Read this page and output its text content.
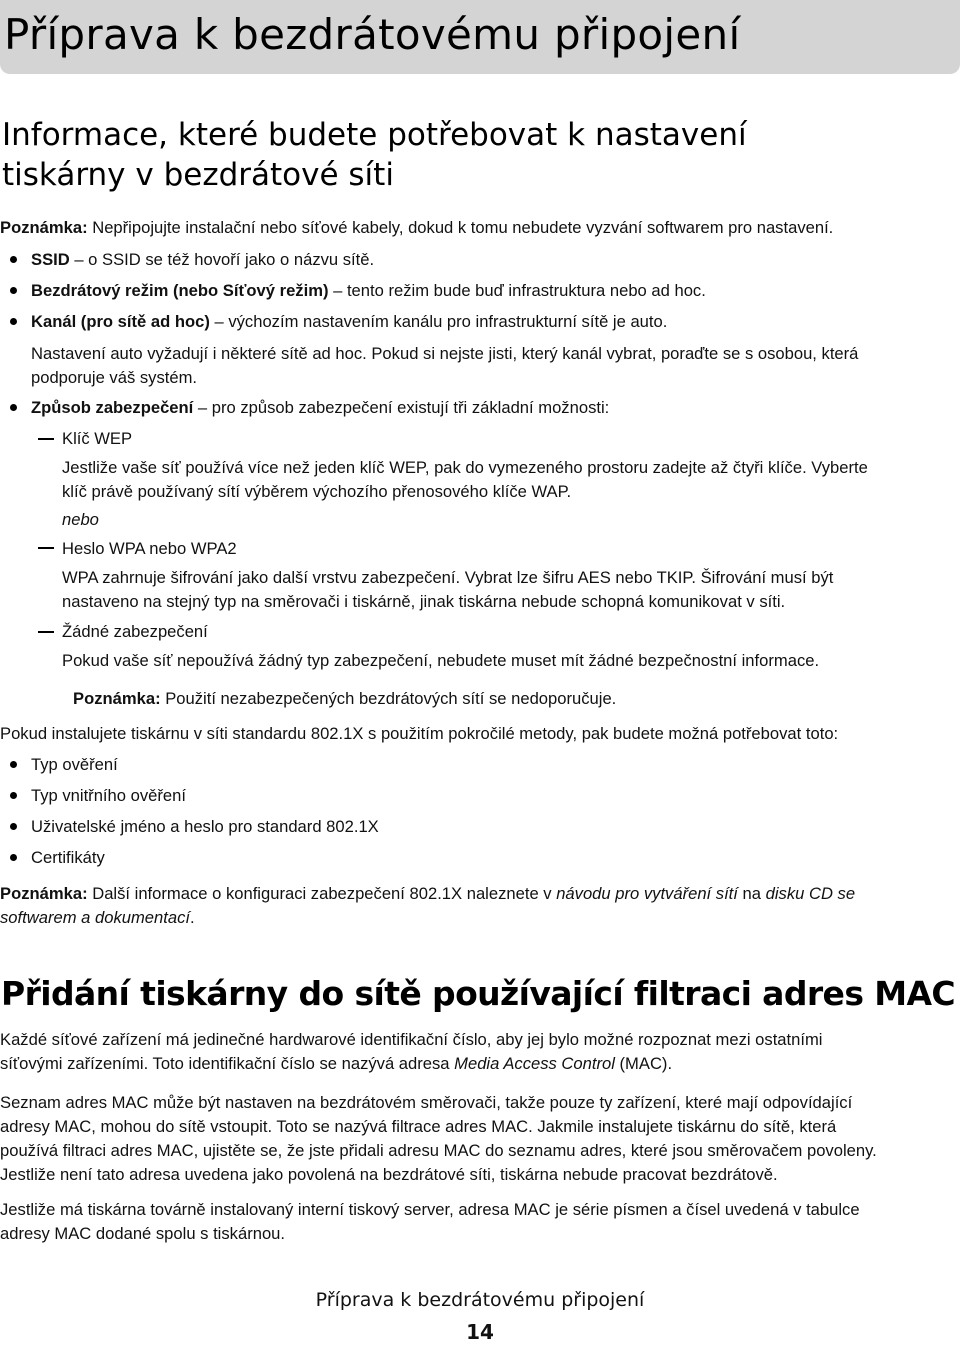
Příprava k bezdrátovému připojení
Informace, které budete potřebovat k nastavení
tiskárny v bezdrátové síti

Poznámka: Nepřipojujte instalační nebo síťové kabely, dokud k tomu nebudete vyzvání softwarem pro nastavení.

SSID – o SSID se též hovoří jako o názvu sítě.

Bezdrátový režim (nebo Síťový režim) – tento režim bude buď infrastruktura nebo ad hoc.

Kanál (pro sítě ad hoc) – výchozím nastavením kanálu pro infrastrukturní sítě je auto.

Nastavení auto vyžadují i některé sítě ad hoc. Pokud si nejste jisti, který kanál vybrat, poraďte se s osobou, která

podporuje váš systém.

Způsob zabezpečení – pro způsob zabezpečení existují tři základní možnosti:

Klíč WEP

Jestliže vaše síť používá více než jeden klíč WEP, pak do vymezeného prostoru zadejte až čtyři klíče. Vyberte

klíč právě používaný sítí výběrem výchozího přenosového klíče WAP.

nebo

Heslo WPA nebo WPA2

WPA zahrnuje šifrování jako další vrstvu zabezpečení. Vybrat lze šifru AES nebo TKIP. Šifrování musí být

nastaveno na stejný typ na směrovači i tiskárně, jinak tiskárna nebude schopná komunikovat v síti.

Žádné zabezpečení

Pokud vaše síť nepoužívá žádný typ zabezpečení, nebudete muset mít žádné bezpečnostní informace.

Poznámka: Použití nezabezpečených bezdrátových sítí se nedoporučuje.

Pokud instalujete tiskárnu v síti standardu 802.1X s použitím pokročilé metody, pak budete možná potřebovat toto:

Typ ověření

Typ vnitřního ověření

Uživatelské jméno a heslo pro standard 802.1X

Certifikáty

Poznámka: Další informace o konfiguraci zabezpečení 802.1X naleznete v návodu pro vytváření sítí na disku CD se
softwarem a dokumentací.

Přidání tiskárny do sítě používající filtraci adres MAC

Každé síťové zařízení má jedinečné hardwarové identifikační číslo, aby jej bylo možné rozpoznat mezi ostatními

síťovými zařízeními. Toto identifikační číslo se nazývá adresa Media Access Control (MAC).

Seznam adres MAC může být nastaven na bezdrátovém směrovači, takže pouze ty zařízení, které mají odpovídající

adresy MAC, mohou do sítě vstoupit. Toto se nazývá filtrace adres MAC. Jakmile instalujete tiskárnu do sítě, která

používá filtraci adres MAC, ujistěte se, že jste přidali adresu MAC do seznamu adres, které jsou směrovačem povoleny.

Jestliže není tato adresa uvedena jako povolená na bezdrátové síti, tiskárna nebude pracovat bezdrátově.

Jestliže má tiskárna továrně instalovaný interní tiskový server, adresa MAC je série písmen a čísel uvedená v tabulce

adresy MAC dodané spolu s tiskárnou.

Příprava k bezdrátovému připojení
14
